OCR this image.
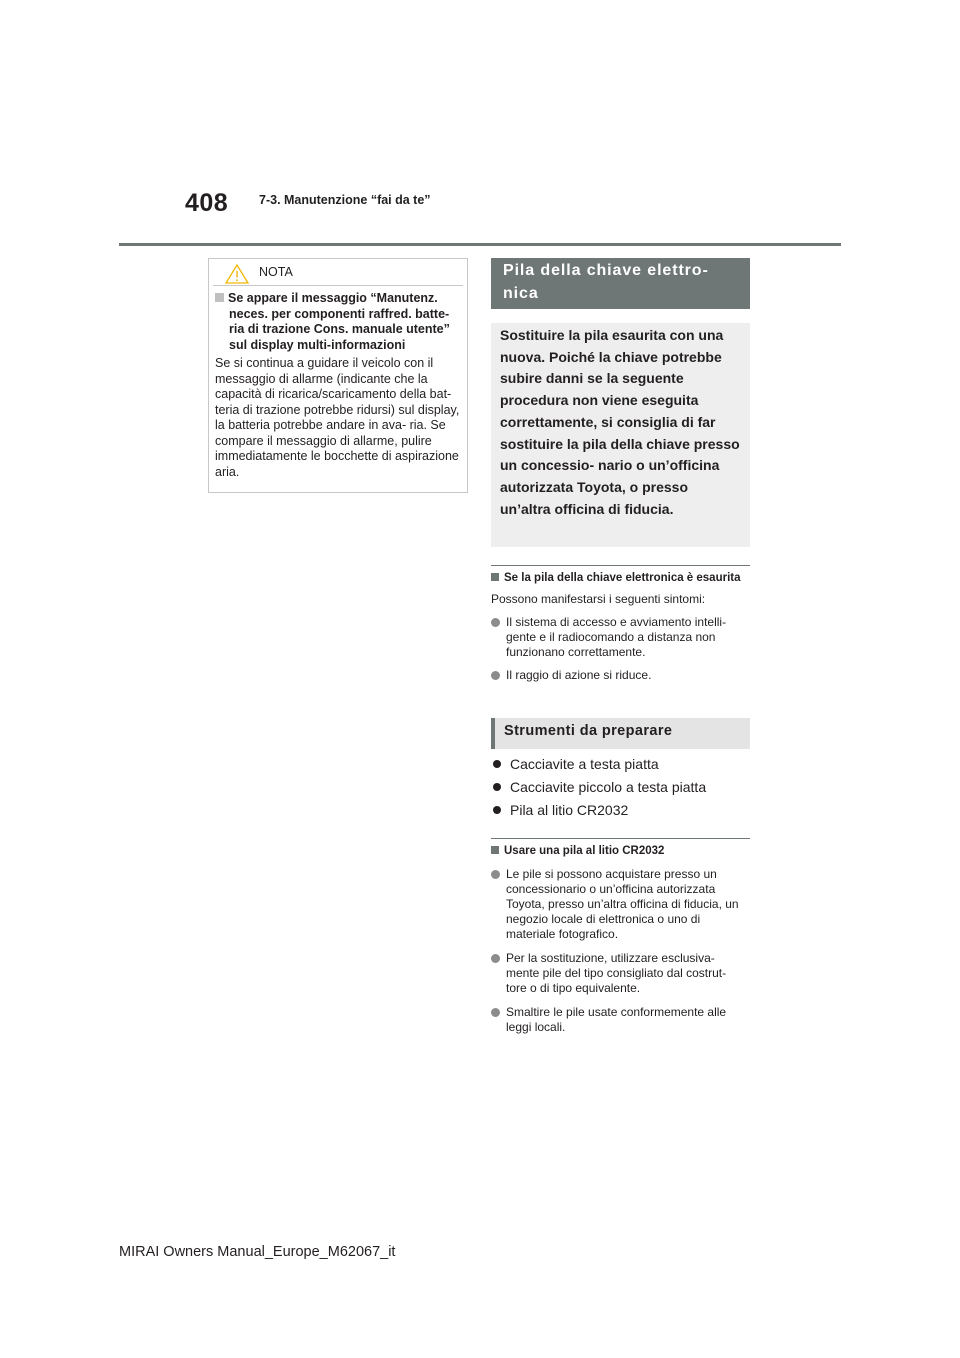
408 7-3. Manutenzione “fai da te”
NOTA
Se appare il messaggio “Manutenz. neces. per componenti raffred. batte- ria di trazione Cons. manuale utente” sul display multi-informazioni
Se si continua a guidare il veicolo con il messaggio di allarme (indicante che la capacità di ricarica/scaricamento della bat- teria di trazione potrebbe ridursi) sul display, la batteria potrebbe andare in ava- ria. Se compare il messaggio di allarme, pulire immediatamente le bocchette di aspirazione aria.
Pila della chiave elettro- nica
Sostituire la pila esaurita con una nuova. Poiché la chiave potrebbe subire danni se la seguente procedura non viene eseguita correttamente, si consiglia di far sostituire la pila della chiave presso un concessio- nario o un’officina autorizzata Toyota, o presso un’altra officina di fiducia.
Se la pila della chiave elettronica è esaurita
Possono manifestarsi i seguenti sintomi:
Il sistema di accesso e avviamento intelli- gente e il radiocomando a distanza non funzionano correttamente.
Il raggio di azione si riduce.
Strumenti da preparare
Cacciavite a testa piatta
Cacciavite piccolo a testa piatta
Pila al litio CR2032
Usare una pila al litio CR2032
Le pile si possono acquistare presso un concessionario o un’officina autorizzata Toyota, presso un’altra officina di fiducia, un negozio locale di elettronica o uno di materiale fotografico.
Per la sostituzione, utilizzare esclusiva- mente pile del tipo consigliato dal costrut- tore o di tipo equivalente.
Smaltire le pile usate conformemente alle leggi locali.
MIRAI Owners Manual_Europe_M62067_it
